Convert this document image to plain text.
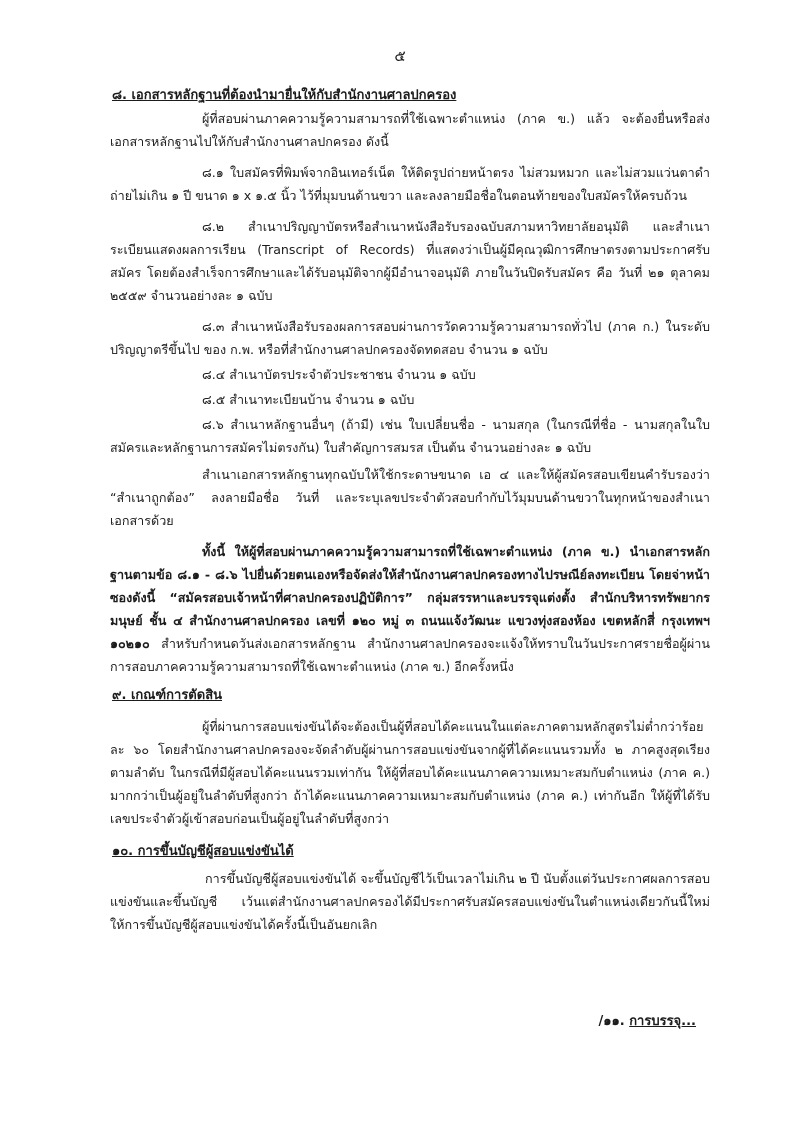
๕

๘. เอกสารหลักฐานที่ต้องนำมายื่นให้กับสำนักงานศาลปกครอง

ผู้ที่สอบผ่านภาคความรู้ความสามารถที่ใช้เฉพาะตำแหน่ง (ภาค ข.) แล้ว จะต้องยื่นหรือส่งเอกสารหลักฐานไปให้กับสำนักงานศาลปกครอง ดังนี้

๘.๑ ใบสมัครที่พิมพ์จากอินเทอร์เน็ต ให้ติดรูปถ่ายหน้าตรง ไม่สวมหมวก และไม่สวมแว่นตาดำ ถ่ายไม่เกิน ๑ ปี ขนาด ๑ x ๑.๕ นิ้ว ไว้ที่มุมบนด้านขวา และลงลายมือชื่อในตอนท้ายของใบสมัครให้ครบถ้วน

๘.๒ สำเนาปริญญาบัตรหรือสำเนาหนังสือรับรองฉบับสภามหาวิทยาลัยอนุมัติ และสำเนาระเบียนแสดงผลการเรียน (Transcript of Records) ที่แสดงว่าเป็นผู้มีคุณวุฒิการศึกษาตรงตามประกาศรับสมัคร โดยต้องสำเร็จการศึกษาและได้รับอนุมัติจากผู้มีอำนาจอนุมัติ ภายในวันปิดรับสมัคร คือ วันที่ ๒๑ ตุลาคม ๒๕๕๙ จำนวนอย่างละ ๑ ฉบับ

๘.๓ สำเนาหนังสือรับรองผลการสอบผ่านการวัดความรู้ความสามารถทั่วไป (ภาค ก.) ในระดับปริญญาตรีขึ้นไป ของ ก.พ. หรือที่สำนักงานศาลปกครองจัดทดสอบ จำนวน ๑ ฉบับ

๘.๔ สำเนาบัตรประจำตัวประชาชน จำนวน ๑ ฉบับ

๘.๕ สำเนาทะเบียนบ้าน จำนวน ๑ ฉบับ

๘.๖ สำเนาหลักฐานอื่นๆ (ถ้ามี) เช่น ใบเปลี่ยนชื่อ - นามสกุล (ในกรณีที่ชื่อ - นามสกุลในใบสมัครและหลักฐานการสมัครไม่ตรงกัน) ใบสำคัญการสมรส เป็นต้น จำนวนอย่างละ ๑ ฉบับ

สำเนาเอกสารหลักฐานทุกฉบับให้ใช้กระดาษขนาด เอ ๔ และให้ผู้สมัครสอบเขียนคำรับรองว่า “สำเนาถูกต้อง” ลงลายมือชื่อ วันที่ และระบุเลขประจำตัวสอบกำกับไว้มุมบนด้านขวาในทุกหน้าของสำเนาเอกสารด้วย

ทั้งนี้ ให้ผู้ที่สอบผ่านภาคความรู้ความสามารถที่ใช้เฉพาะตำแหน่ง (ภาค ข.) นำเอกสารหลักฐานตามข้อ ๘.๑ - ๘.๖ ไปยื่นด้วยตนเองหรือจัดส่งให้สำนักงานศาลปกครองทางไปรษณีย์ลงทะเบียน โดยจ่าหน้าซองดังนี้ “สมัครสอบเจ้าหน้าที่ศาลปกครองปฏิบัติการ” กลุ่มสรรหาและบรรจุแต่งตั้ง สำนักบริหารทรัพยากรมนุษย์ ชั้น ๔ สำนักงานศาลปกครอง เลขที่ ๑๒๐ หมู่ ๓ ถนนแจ้งวัฒนะ แขวงทุ่งสองห้อง เขตหลักสี่ กรุงเทพฯ ๑๐๒๑๐ สำหรับกำหนดวันส่งเอกสารหลักฐาน สำนักงานศาลปกครองจะแจ้งให้ทราบในวันประกาศรายชื่อผู้ผ่านการสอบภาคความรู้ความสามารถที่ใช้เฉพาะตำแหน่ง (ภาค ข.) อีกครั้งหนึ่ง

๙. เกณฑ์การตัดสิน

ผู้ที่ผ่านการสอบแข่งขันได้จะต้องเป็นผู้ที่สอบได้คะแนนในแต่ละภาคตามหลักสูตรไม่ต่ำกว่าร้อยละ ๖๐ โดยสำนักงานศาลปกครองจะจัดลำดับผู้ผ่านการสอบแข่งขันจากผู้ที่ได้คะแนนรวมทั้ง ๒ ภาคสูงสุดเรียงตามลำดับ ในกรณีที่มีผู้สอบได้คะแนนรวมเท่ากัน ให้ผู้ที่สอบได้คะแนนภาคความเหมาะสมกับตำแหน่ง (ภาค ค.) มากกว่าเป็นผู้อยู่ในลำดับที่สูงกว่า ถ้าได้คะแนนภาคความเหมาะสมกับตำแหน่ง (ภาค ค.) เท่ากันอีก ให้ผู้ที่ได้รับเลขประจำตัวผู้เข้าสอบก่อนเป็นผู้อยู่ในลำดับที่สูงกว่า

๑๐. การขึ้นบัญชีผู้สอบแข่งขันได้

การขึ้นบัญชีผู้สอบแข่งขันได้ จะขึ้นบัญชีไว้เป็นเวลาไม่เกิน ๒ ปี นับตั้งแต่วันประกาศผลการสอบแข่งขันและขึ้นบัญชี เว้นแต่สำนักงานศาลปกครองได้มีประกาศรับสมัครสอบแข่งขันในตำแหน่งเดียวกันนี้ใหม่ ให้การขึ้นบัญชีผู้สอบแข่งขันได้ครั้งนี้เป็นอันยกเลิก

/๑๑. การบรรจุ...
